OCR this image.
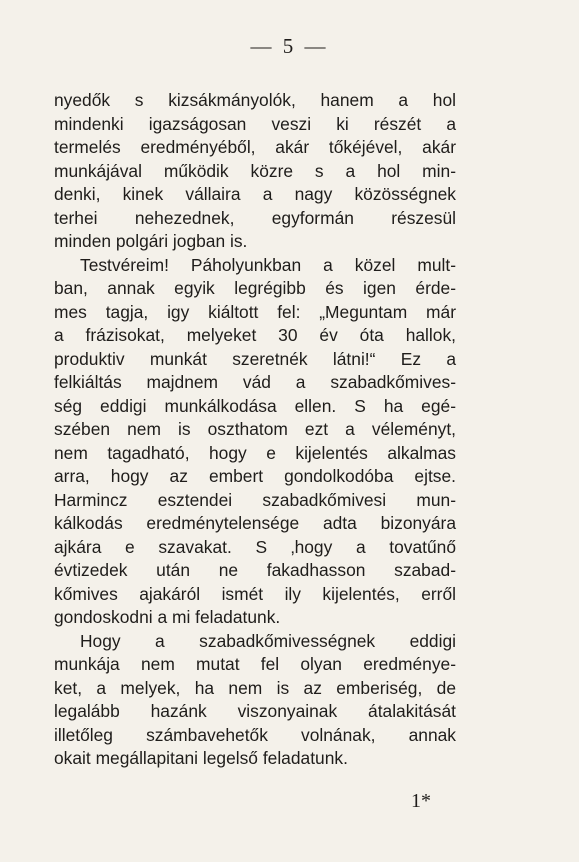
— 5 —
nyedők s kizsákmányolók, hanem a hol
mindenki igazságosan veszi ki részét a
termelés eredményéből, akár tőkéjével, akár
munkájával működik közre s a hol min-
denki, kinek vállaira a nagy közösségnek
terhei nehezednek, egyformán részesül
minden polgári jogban is.
Testvéreim! Páholyunkban a közel mult-
ban, annak egyik legrégibb és igen érde-
mes tagja, igy kiáltott fel: „Meguntam már
a frázisokat, melyeket 30 év óta hallok,
produktiv munkát szeretnék látni!“ Ez a
felkiáltás majdnem vád a szabadkőmives-
ség eddigi munkálkodása ellen. S ha egé-
szében nem is oszthatom ezt a véleményt,
nem tagadható, hogy e kijelentés alkalmas
arra, hogy az embert gondolkodóba ejtse.
Harmincz esztendei szabadkőmivesi mun-
kálkodás eredménytelensége adta bizonyára
ajkára e szavakat. S ‚hogy a tovatűnő
évtizedek után ne fakadhasson szabad-
kőmives ajakáról ismét ily kijelentés, erről
gondoskodni a mi feladatunk.
Hogy a szabadkőmivességnek eddigi
munkája nem mutat fel olyan eredménye-
ket, a melyek, ha nem is az emberiség, de
legalább hazánk viszonyainak átalakitását
illetőleg számbavehetők volnának, annak
okait megállapitani legelső feladatunk.
1*
